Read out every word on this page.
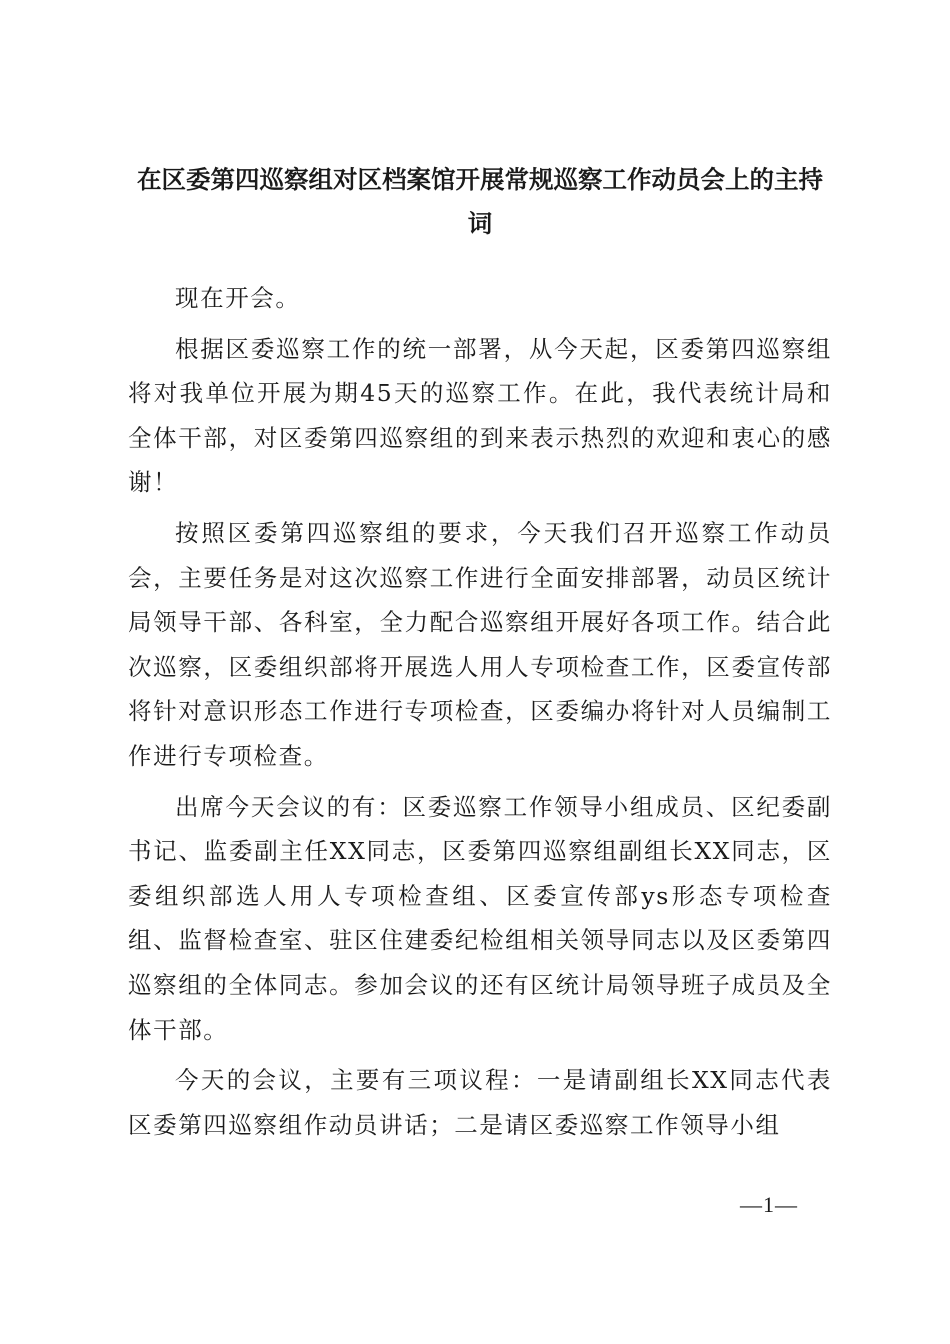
在区委第四巡察组对区档案馆开展常规巡察工作动员会上的主持词

现在开会。

根据区委巡察工作的统一部署，从今天起，区委第四巡察组将对我单位开展为期45天的巡察工作。在此，我代表统计局和全体干部，对区委第四巡察组的到来表示热烈的欢迎和衷心的感谢！

按照区委第四巡察组的要求，今天我们召开巡察工作动员会，主要任务是对这次巡察工作进行全面安排部署，动员区统计局领导干部、各科室，全力配合巡察组开展好各项工作。结合此次巡察，区委组织部将开展选人用人专项检查工作，区委宣传部将针对意识形态工作进行专项检查，区委编办将针对人员编制工作进行专项检查。

出席今天会议的有：区委巡察工作领导小组成员、区纪委副书记、监委副主任XX同志，区委第四巡察组副组长XX同志，区委组织部选人用人专项检查组、区委宣传部ys形态专项检查组、监督检查室、驻区住建委纪检组相关领导同志以及区委第四巡察组的全体同志。参加会议的还有区统计局领导班子成员及全体干部。

今天的会议，主要有三项议程：一是请副组长XX同志代表区委第四巡察组作动员讲话；二是请区委巡察工作领导小组

—1—
